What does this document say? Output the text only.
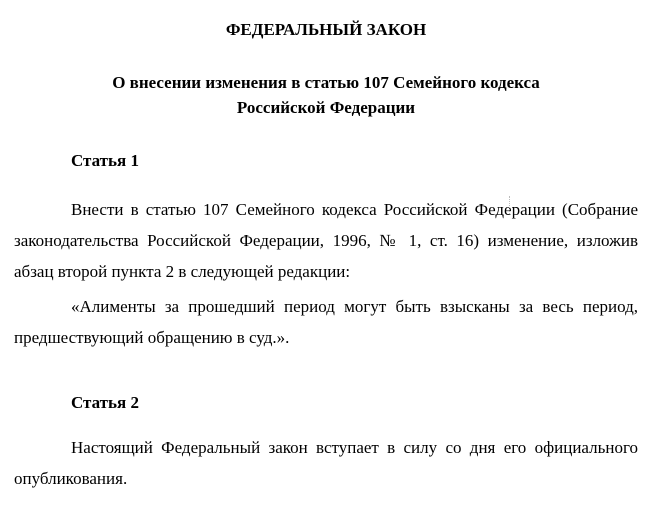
ФЕДЕРАЛЬНЫЙ ЗАКОН
О внесении изменения в статью 107 Семейного кодекса
Российской Федерации
Статья 1

Внести в статью 107 Семейного кодекса Российской Федерации (Собрание законодательства Российской Федерации, 1996, № 1, ст. 16) изменение, изложив абзац второй пункта 2 в следующей редакции:

«Алименты за прошедший период могут быть взысканы за весь период, предшествующий обращению в суд.».

Статья 2

Настоящий Федеральный закон вступает в силу со дня его официального опубликования.
